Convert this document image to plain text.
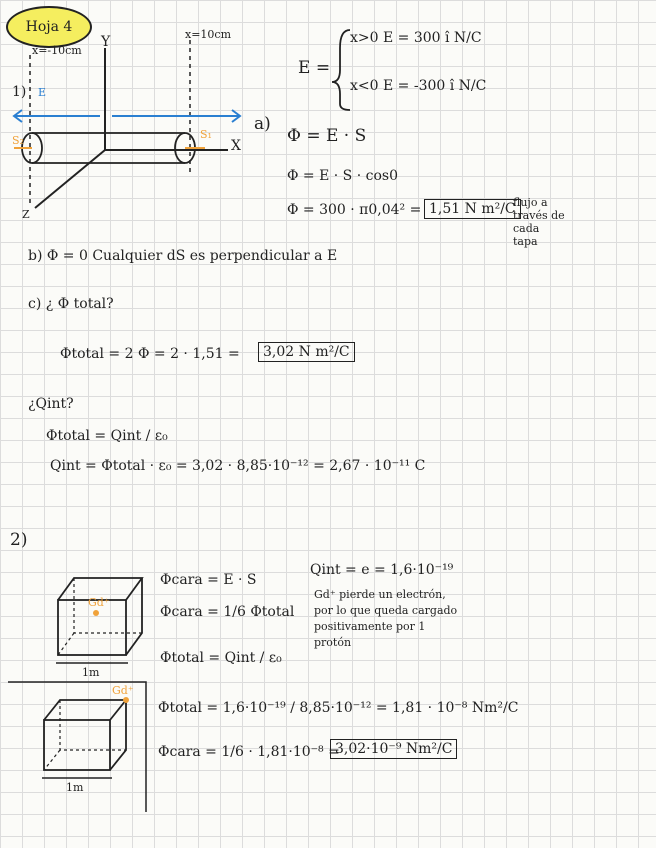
Hoja 4
x=-10cm
x=10cm
Y
X
Z
1) E
S₂	S₁
E =
x>0 E = 300 î N/C
x<0 E = -300 î N/C
a)
Φ = E · S
Φ = E · S · cos0
Φ = 300 · π0,04² = 1,51 N m²/C
flujo a
través de
cada
tapa
b) Φ = 0 Cualquier dS es perpendicular a E
c) ¿ Φ total?
Φtotal = 2 Φ = 2 · 1,51 =	3,02 N m²/C
¿Qint?
Φtotal = Qint / ε₀
Qint = Φtotal · ε₀ = 3,02 · 8,85·10⁻¹² = 2,67 · 10⁻¹¹ C
2)
Φcara = E · S
Φcara = 1/6 Φtotal
Φtotal = Qint / ε₀
Qint = e = 1,6·10⁻¹⁹
Gd⁺ pierde un electrón,
por lo que queda cargado
positivamente por 1
protón
Φtotal = 1,6·10⁻¹⁹ / 8,85·10⁻¹² = 1,81 · 10⁻⁸ Nm²/C
Φcara = 1/6 · 1,81·10⁻⁸ =
3,02·10⁻⁹ Nm²/C
1m
1m
Gd⁺
Gd⁺
